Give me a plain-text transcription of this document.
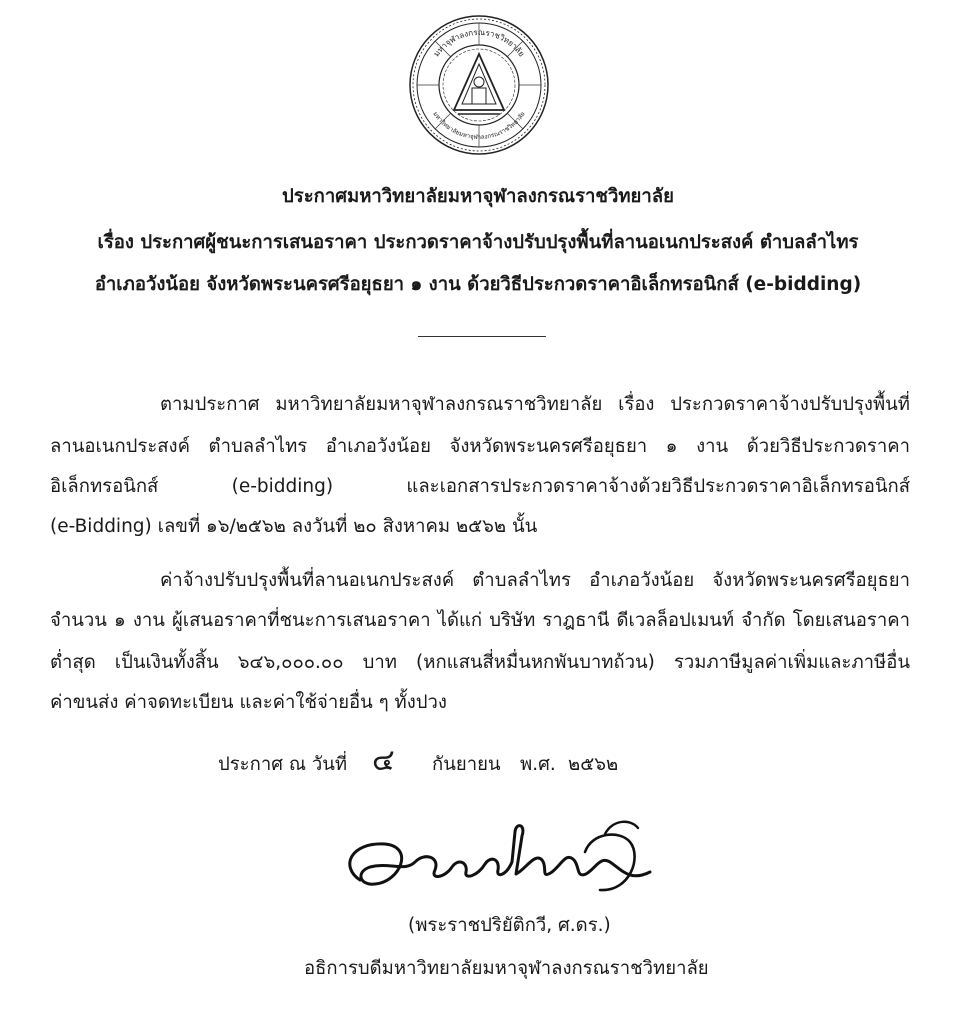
มหาจุฬาลงกรณราชวิทยาลัย
มหาวิทยาลัยมหาจุฬาลงกรณราชวิทยาลัย
ประกาศมหาวิทยาลัยมหาจุฬาลงกรณราชวิทยาลัย
เรื่อง ประกาศผู้ชนะการเสนอราคา ประกวดราคาจ้างปรับปรุงพื้นที่ลานอเนกประสงค์ ตำบลลำไทร
อำเภอวังน้อย จังหวัดพระนครศรีอยุธยา ๑ งาน ด้วยวิธีประกวดราคาอิเล็กทรอนิกส์ (e-bidding)
ตามประกาศ มหาวิทยาลัยมหาจุฬาลงกรณราชวิทยาลัย เรื่อง ประกวดราคาจ้างปรับปรุงพื้นที่
ลานอเนกประสงค์ ตำบลลำไทร อำเภอวังน้อย จังหวัดพระนครศรีอยุธยา ๑ งาน ด้วยวิธีประกวดราคา
อิเล็กทรอนิกส์ (e-bidding) และเอกสารประกวดราคาจ้างด้วยวิธีประกวดราคาอิเล็กทรอนิกส์
(e-Bidding) เลขที่ ๑๖/๒๕๖๒ ลงวันที่ ๒๐ สิงหาคม ๒๕๖๒ นั้น
ค่าจ้างปรับปรุงพื้นที่ลานอเนกประสงค์ ตำบลลำไทร อำเภอวังน้อย จังหวัดพระนครศรีอยุธยา
จำนวน ๑ งาน ผู้เสนอราคาที่ชนะการเสนอราคา ได้แก่ บริษัท ราฎธานี ดีเวลล็อปเมนท์ จำกัด โดยเสนอราคา
ต่ำสุด เป็นเงินทั้งสิ้น ๖๔๖,๐๐๐.๐๐ บาท (หกแสนสี่หมื่นหกพันบาทถ้วน) รวมภาษีมูลค่าเพิ่มและภาษีอื่น
ค่าขนส่ง ค่าจดทะเบียน และค่าใช้จ่ายอื่น ๆ ทั้งปวง
ประกาศ ณ วันที่ ๔ กันยายน พ.ศ. ๒๕๖๒
(พระราชปริยัติกวี, ศ.ดร.)
อธิการบดีมหาวิทยาลัยมหาจุฬาลงกรณราชวิทยาลัย
